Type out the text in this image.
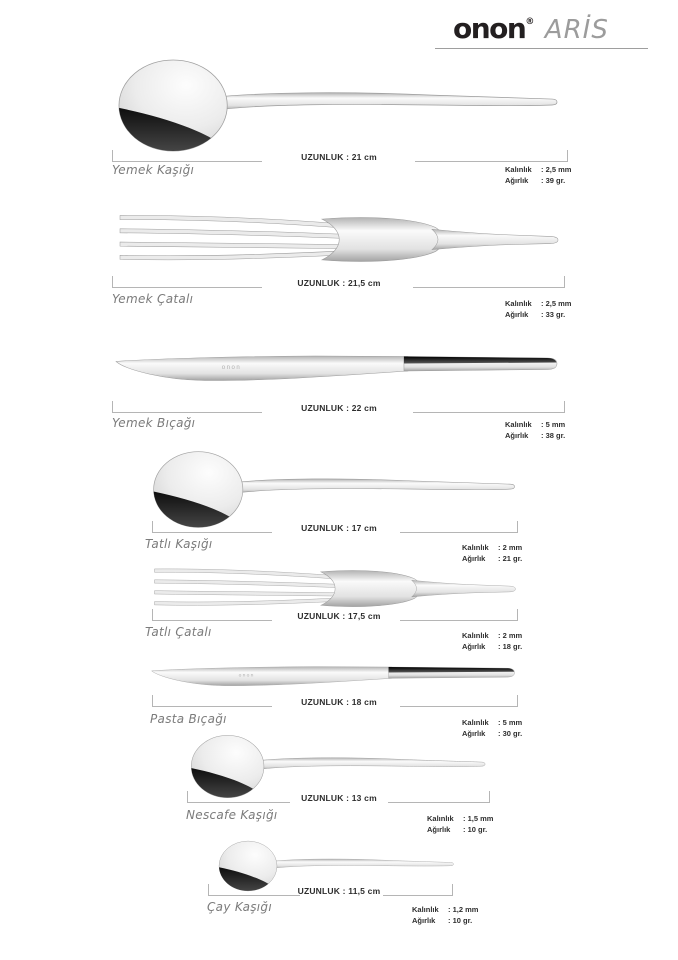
onon® ARİS
UZUNLUK : 21 cm
Yemek Kaşığı	Kalınlık	: 2,5 mm
Ağırlık	: 39 gr.
UZUNLUK : 21,5 cm
Yemek Çatalı	Kalınlık	: 2,5 mm
Ağırlık	: 33 gr.
onon
UZUNLUK : 22 cm
Yemek Bıçağı	Kalınlık	: 5 mm
Ağırlık	: 38 gr.
UZUNLUK : 17 cm
Tatlı Kaşığı	Kalınlık	: 2 mm
Ağırlık	: 21 gr.
UZUNLUK : 17,5 cm
Tatlı Çatalı	Kalınlık	: 2 mm
Ağırlık	: 18 gr.
onon
UZUNLUK : 18 cm
Pasta Bıçağı	Kalınlık	: 5 mm
Ağırlık	: 30 gr.
UZUNLUK : 13 cm
Nescafe Kaşığı	Kalınlık	: 1,5 mm
Ağırlık	: 10 gr.
UZUNLUK : 11,5 cm
Çay Kaşığı	Kalınlık	: 1,2 mm
Ağırlık	: 10 gr.
